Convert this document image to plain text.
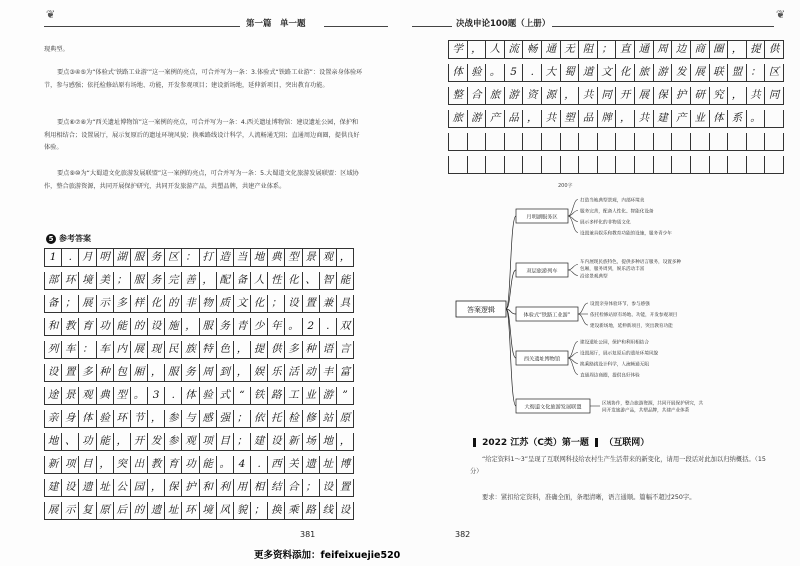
❦
第一篇　单一题
现典型。
要点③④⑤为“体验式‘铁路工业游’”这一案例的亮点，可合并写为一条：3.体验式“铁路工业游”：设置亲身体验环节，参与感强；依托检修站原有场地、功能，开发参观项目；建设新场地，延伸新项目，突出教育功能。
要点⑥⑦⑧为“西关遗址博物馆”这一案例的亮点，可合并写为一条：4.西关遗址博物馆：建设遗址公园，保护和利用相结合；设置展厅，展示复原后的遗址环境风貌；换乘路线设计科学，人流畅通无阻；直通周边商圈，提供良好体验。
要点⑨⑩为“大蜀道文化旅游发展联盟”这一案例的亮点，可合并写为一条：5.大蜀道文化旅游发展联盟：区域协作，整合旅游资源，共同开展保护研究，共同开发旅游产品，共塑品牌，共建产业体系。
5 参考答案
1	. 月 明 湖 服 务 区 ： 打 造 当 地 典 型 景 观 ，
部 环 境 美 ； 服 务 完 善 ， 配 备 人 性 化 、 智 能
备 ； 展 示 多 样 化 的 非 物 质 文 化 ； 设 置 兼 具
和 教 育 功 能 的 设 施 ， 服 务 青 少 年 。 2	. 双
列 车 ： 车 内 展 现 民 族 特 色 ， 提 供 多 种 语 言
设 置 多 种 包 厢 ， 服 务 周 到 ， 娱 乐 活 动 丰 富
途 景 观 典 型 。 3	. 体 验 式 “ 铁 路 工 业 游 ”
亲 身 体 验 环 节 ， 参 与 感 强 ； 依 托 检 修 站 原
地 、 功 能 ， 开 发 参 观 项 目 ； 建 设 新 场 地 ，
新 项 目 ， 突 出 教 育 功 能 。 4	. 西 关 遗 址 博
建 设 遗 址 公 园 ， 保 护 和 利 用 相 结 合 ； 设 置
展 示 复 原 后 的 遗 址 环 境 风 貌 ； 换 乘 路 线 设
381
决战申论100题（上册）
❦
学 ， 人 流 畅 通 无 阻 ； 直 通 周 边 商 圈 ， 提 供
体 验 。 5	.	大 蜀 道 文 化 旅 游 发 展 联 盟 ： 区
整 合 旅 游 资 源 ， 共 同 开 展 保 护 研 究 ， 共 同
旅 游 产 品 ， 共 塑 品 牌 ， 共 建 产 业 体 系 。
200字
答案逻辑
月明湖服务区
打造当地典型景观，内部环境美
服务完善，配备人性化、智能化设备
展示多样化的非物质文化
设置兼具娱乐和教育功能的设施，服务青少年
双层旅游列车
车内展现民族特色，提供多种语言服务，设置多种
包厢，服务周到，娱乐活动丰富
沿途景观典型
体验式“铁路工业游”
设置亲身体验环节，参与感强
依托检修站原有场地、功能，开发参观项目
建设新场地，延伸新项目，突出教育功能
西关遗址博物馆
建设遗址公园，保护和利用相结合
设置展厅，展示复原后的遗址环境风貌
换乘路线设计科学，人流畅通无阻
直通周边商圈，提供良好体验
大蜀道文化旅游发展联盟
区域协作，整合旅游资源，共同开展保护研究，共
同开发旅游产品，共塑品牌，共建产业体系
2022 江苏（C类）第一题 （互联网）
“给定资料1～3”呈现了互联网科技给农村生产生活带来的新变化，请用一段话对此加以归纳概括。（15分）
要求：紧扣给定资料，准确全面，条理清晰，语言通顺。篇幅不超过250字。
382
更多资料添加：feifeixuejie520
